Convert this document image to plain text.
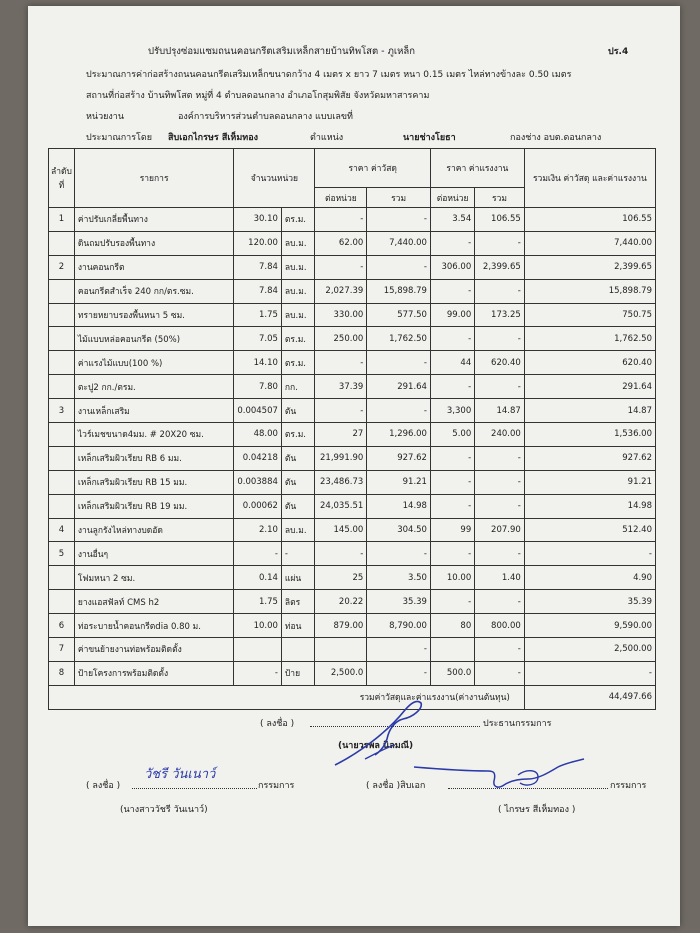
ปรับปรุงซ่อมแซมถนนคอนกรีตเสริมเหล็กสายบ้านทิพโสต - ภูเหล็ก	ปร.4
ประมาณการค่าก่อสร้างถนนคอนกรีตเสริมเหล็กขนาดกว้าง 4 เมตร x ยาว 7 เมตร หนา 0.15 เมตร ไหล่ทางข้างละ 0.50 เมตร
สถานที่ก่อสร้าง บ้านทิพโสต หมู่ที่ 4 ตำบลดอนกลาง อำเภอโกสุมพิสัย จังหวัดมหาสารคาม
หน่วยงาน	องค์การบริหารส่วนตำบลดอนกลาง แบบเลขที่
ประมาณการโดย สิบเอกไกรษร สีเห็มทอง	ตำแหน่ง	นายช่างโยธา	กองช่าง อบต.ดอนกลาง
ลำดับที่	รายการ	จำนวนหน่วย		ราคา ค่าวัสดุ		ราคา ค่าแรงงาน		รวมเงิน ค่าวัสดุ และค่าแรงงาน
				ต่อหน่วย	รวม	ต่อหน่วย	รวม	
1	ค่าปรับเกลี่ยพื้นทาง	30.10	ตร.ม.	-	-	3.54	106.55	106.55
	ดินถมปรับรองพื้นทาง	120.00	ลบ.ม.	62.00	7,440.00	-	-	7,440.00
2	งานคอนกรีต	7.84	ลบ.ม.	-	-	306.00	2,399.65	2,399.65
	คอนกรีตสำเร็จ 240 กก/ตร.ซม.	7.84	ลบ.ม.	2,027.39	15,898.79	-	-	15,898.79
	ทรายหยาบรองพื้นหนา 5 ซม.	1.75	ลบ.ม.	330.00	577.50	99.00	173.25	750.75
	ไม้แบบหล่อคอนกรีต (50%)	7.05	ตร.ม.	250.00	1,762.50	-	-	1,762.50
	ค่าแรงไม้แบบ(100 %)	14.10	ตร.ม.	-	-	44	620.40	620.40
	ตะปู2 กก./ตรม.	7.80	กก.	37.39	291.64	-	-	291.64
3	งานเหล็กเสริม	0.004507	ตัน	-	-	3,300	14.87	14.87
	ไวร์เมชขนาด4มม. # 20X20 ซม.	48.00	ตร.ม.	27	1,296.00	5.00	240.00	1,536.00
	เหล็กเสริมผิวเรียบ RB 6 มม.	0.04218	ตัน	21,991.90	927.62	-	-	927.62
	เหล็กเสริมผิวเรียบ RB 15 มม.	0.003884	ตัน	23,486.73	91.21	-	-	91.21
	เหล็กเสริมผิวเรียบ RB 19 มม.	0.00062	ตัน	24,035.51	14.98	-	-	14.98
4	งานลูกรังไหล่ทางบดอัด	2.10	ลบ.ม.	145.00	304.50	99	207.90	512.40
5	งานอื่นๆ	-	-	-	-	-	-	-
	โฟมหนา 2 ซม.	0.14	แผ่น	25	3.50	10.00	1.40	4.90
	ยางแอสฟัลท์ CMS h2	1.75	ลิตร	20.22	35.39	-	-	35.39
6	ท่อระบายน้ำคอนกรีตdia 0.80 ม.	10.00	ท่อน	879.00	8,790.00	80	800.00	9,590.00
7	ค่าขนย้ายงานท่อพร้อมติดตั้ง				-		-	2,500.00
8	ป้ายโครงการพร้อมติดตั้ง	-	ป้าย	2,500.0	-	500.0	-	-
รวมค่าวัสดุและค่าแรงงาน(ค่างานต้นทุน)								44,497.66
( ลงชื่อ )	ประธานกรรมการ
(นายวรพล นิลมณี)
( ลงชื่อ )	กรรมการ
(นางสาววัชรี วันเนาว์)
( ลงชื่อ )สิบเอก	กรรมการ
( ไกรษร สีเห็มทอง )
วัชรี วันเนาว์
